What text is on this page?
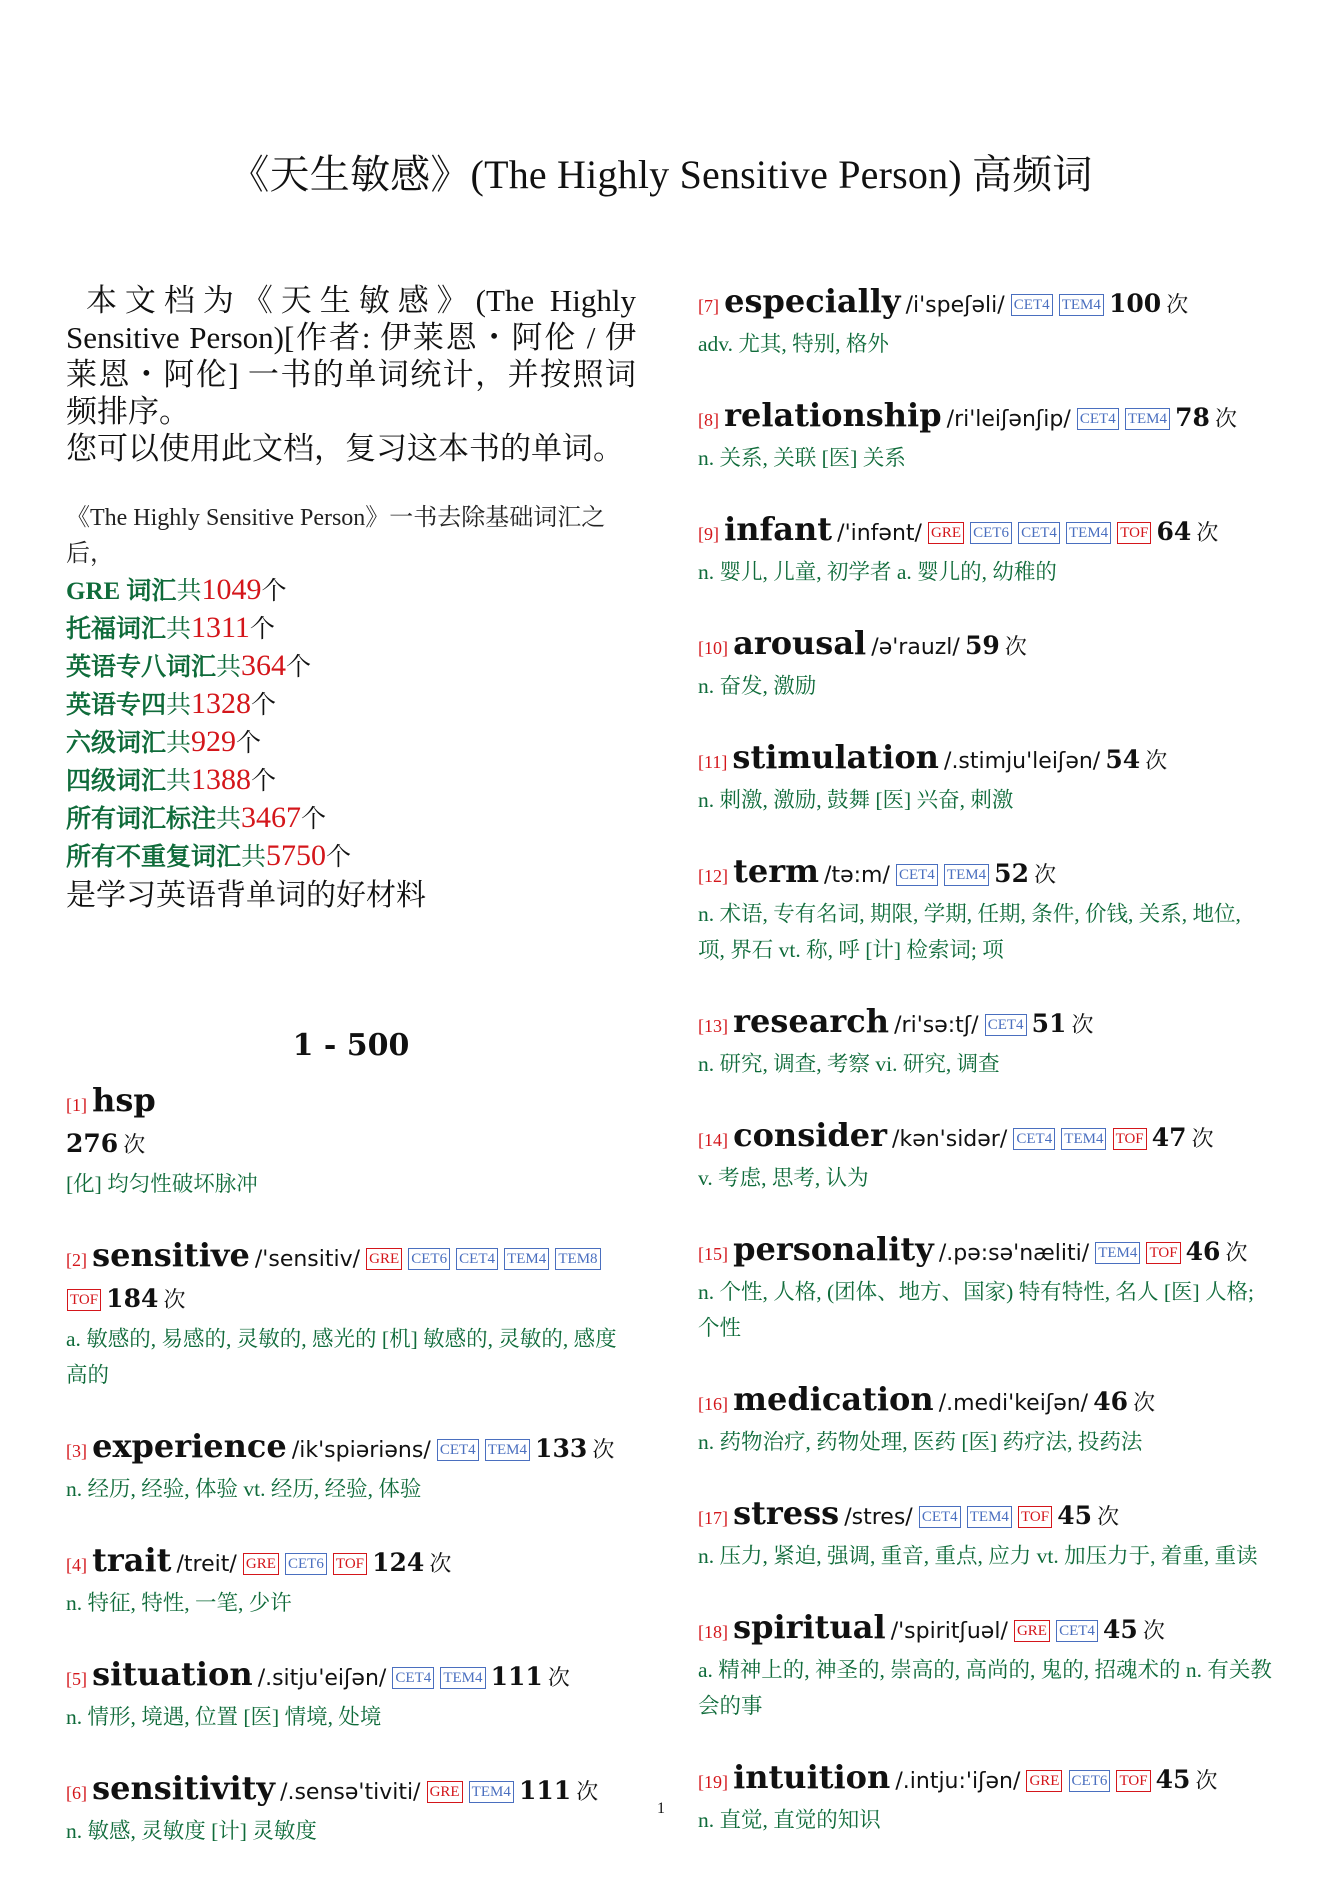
《天生敏感》(The Highly Sensitive Person) 高频词
本文档为《天生敏感》(The Highly Sensitive Person)[作者: 伊莱恩・阿伦 / 伊莱恩・阿伦] 一书的单词统计，并按照词频排序。
您可以使用此文档，复习这本书的单词。
《The Highly Sensitive Person》一书去除基础词汇之后，
GRE 词汇共1049个
托福词汇共1311个
英语专八词汇共364个
英语专四共1328个
六级词汇共929个
四级词汇共1388个
所有词汇标注共3467个
所有不重复词汇共5750个
是学习英语背单词的好材料
1 - 500
[1] hsp
276 次
[化] 均匀性破坏脉冲
[2] sensitive /'sensitiv/ GRE CET6 CET4 TEM4 TEM8 TOF 184 次
a. 敏感的, 易感的, 灵敏的, 感光的 [机] 敏感的, 灵敏的, 感度高的
[3] experience /ik'spiəriəns/ CET4 TEM4 133 次
n. 经历, 经验, 体验 vt. 经历, 经验, 体验
[4] trait /treit/ GRE CET6 TOF 124 次
n. 特征, 特性, 一笔, 少许
[5] situation /.sitju'eiʃən/ CET4 TEM4 111 次
n. 情形, 境遇, 位置 [医] 情境, 处境
[6] sensitivity /.sensə'tiviti/ GRE TEM4 111 次
n. 敏感, 灵敏度 [计] 灵敏度
[7] especially /i'speʃəli/ CET4 TEM4 100 次
adv. 尤其, 特别, 格外
[8] relationship /ri'leiʃənʃip/ CET4 TEM4 78 次
n. 关系, 关联 [医] 关系
[9] infant /'infənt/ GRE CET6 CET4 TEM4 TOF 64 次
n. 婴儿, 儿童, 初学者 a. 婴儿的, 幼稚的
[10] arousal /ə'rauzl/ 59 次
n. 奋发, 激励
[11] stimulation /.stimju'leiʃən/ 54 次
n. 刺激, 激励, 鼓舞 [医] 兴奋, 刺激
[12] term /tə:m/ CET4 TEM4 52 次
n. 术语, 专有名词, 期限, 学期, 任期, 条件, 价钱, 关系, 地位, 项, 界石 vt. 称, 呼 [计] 检索词; 项
[13] research /ri'sə:tʃ/ CET4 51 次
n. 研究, 调查, 考察 vi. 研究, 调查
[14] consider /kən'sidər/ CET4 TEM4 TOF 47 次
v. 考虑, 思考, 认为
[15] personality /.pə:sə'næliti/ TEM4 TOF 46 次
n. 个性, 人格, (团体、地方、国家) 特有特性, 名人 [医] 人格; 个性
[16] medication /.medi'keiʃən/ 46 次
n. 药物治疗, 药物处理, 医药 [医] 药疗法, 投药法
[17] stress /stres/ CET4 TEM4 TOF 45 次
n. 压力, 紧迫, 强调, 重音, 重点, 应力 vt. 加压力于, 着重, 重读
[18] spiritual /'spiritʃuəl/ GRE CET4 45 次
a. 精神上的, 神圣的, 崇高的, 高尚的, 鬼的, 招魂术的 n. 有关教会的事
[19] intuition /.intju:'iʃən/ GRE CET6 TOF 45 次
n. 直觉, 直觉的知识
1
